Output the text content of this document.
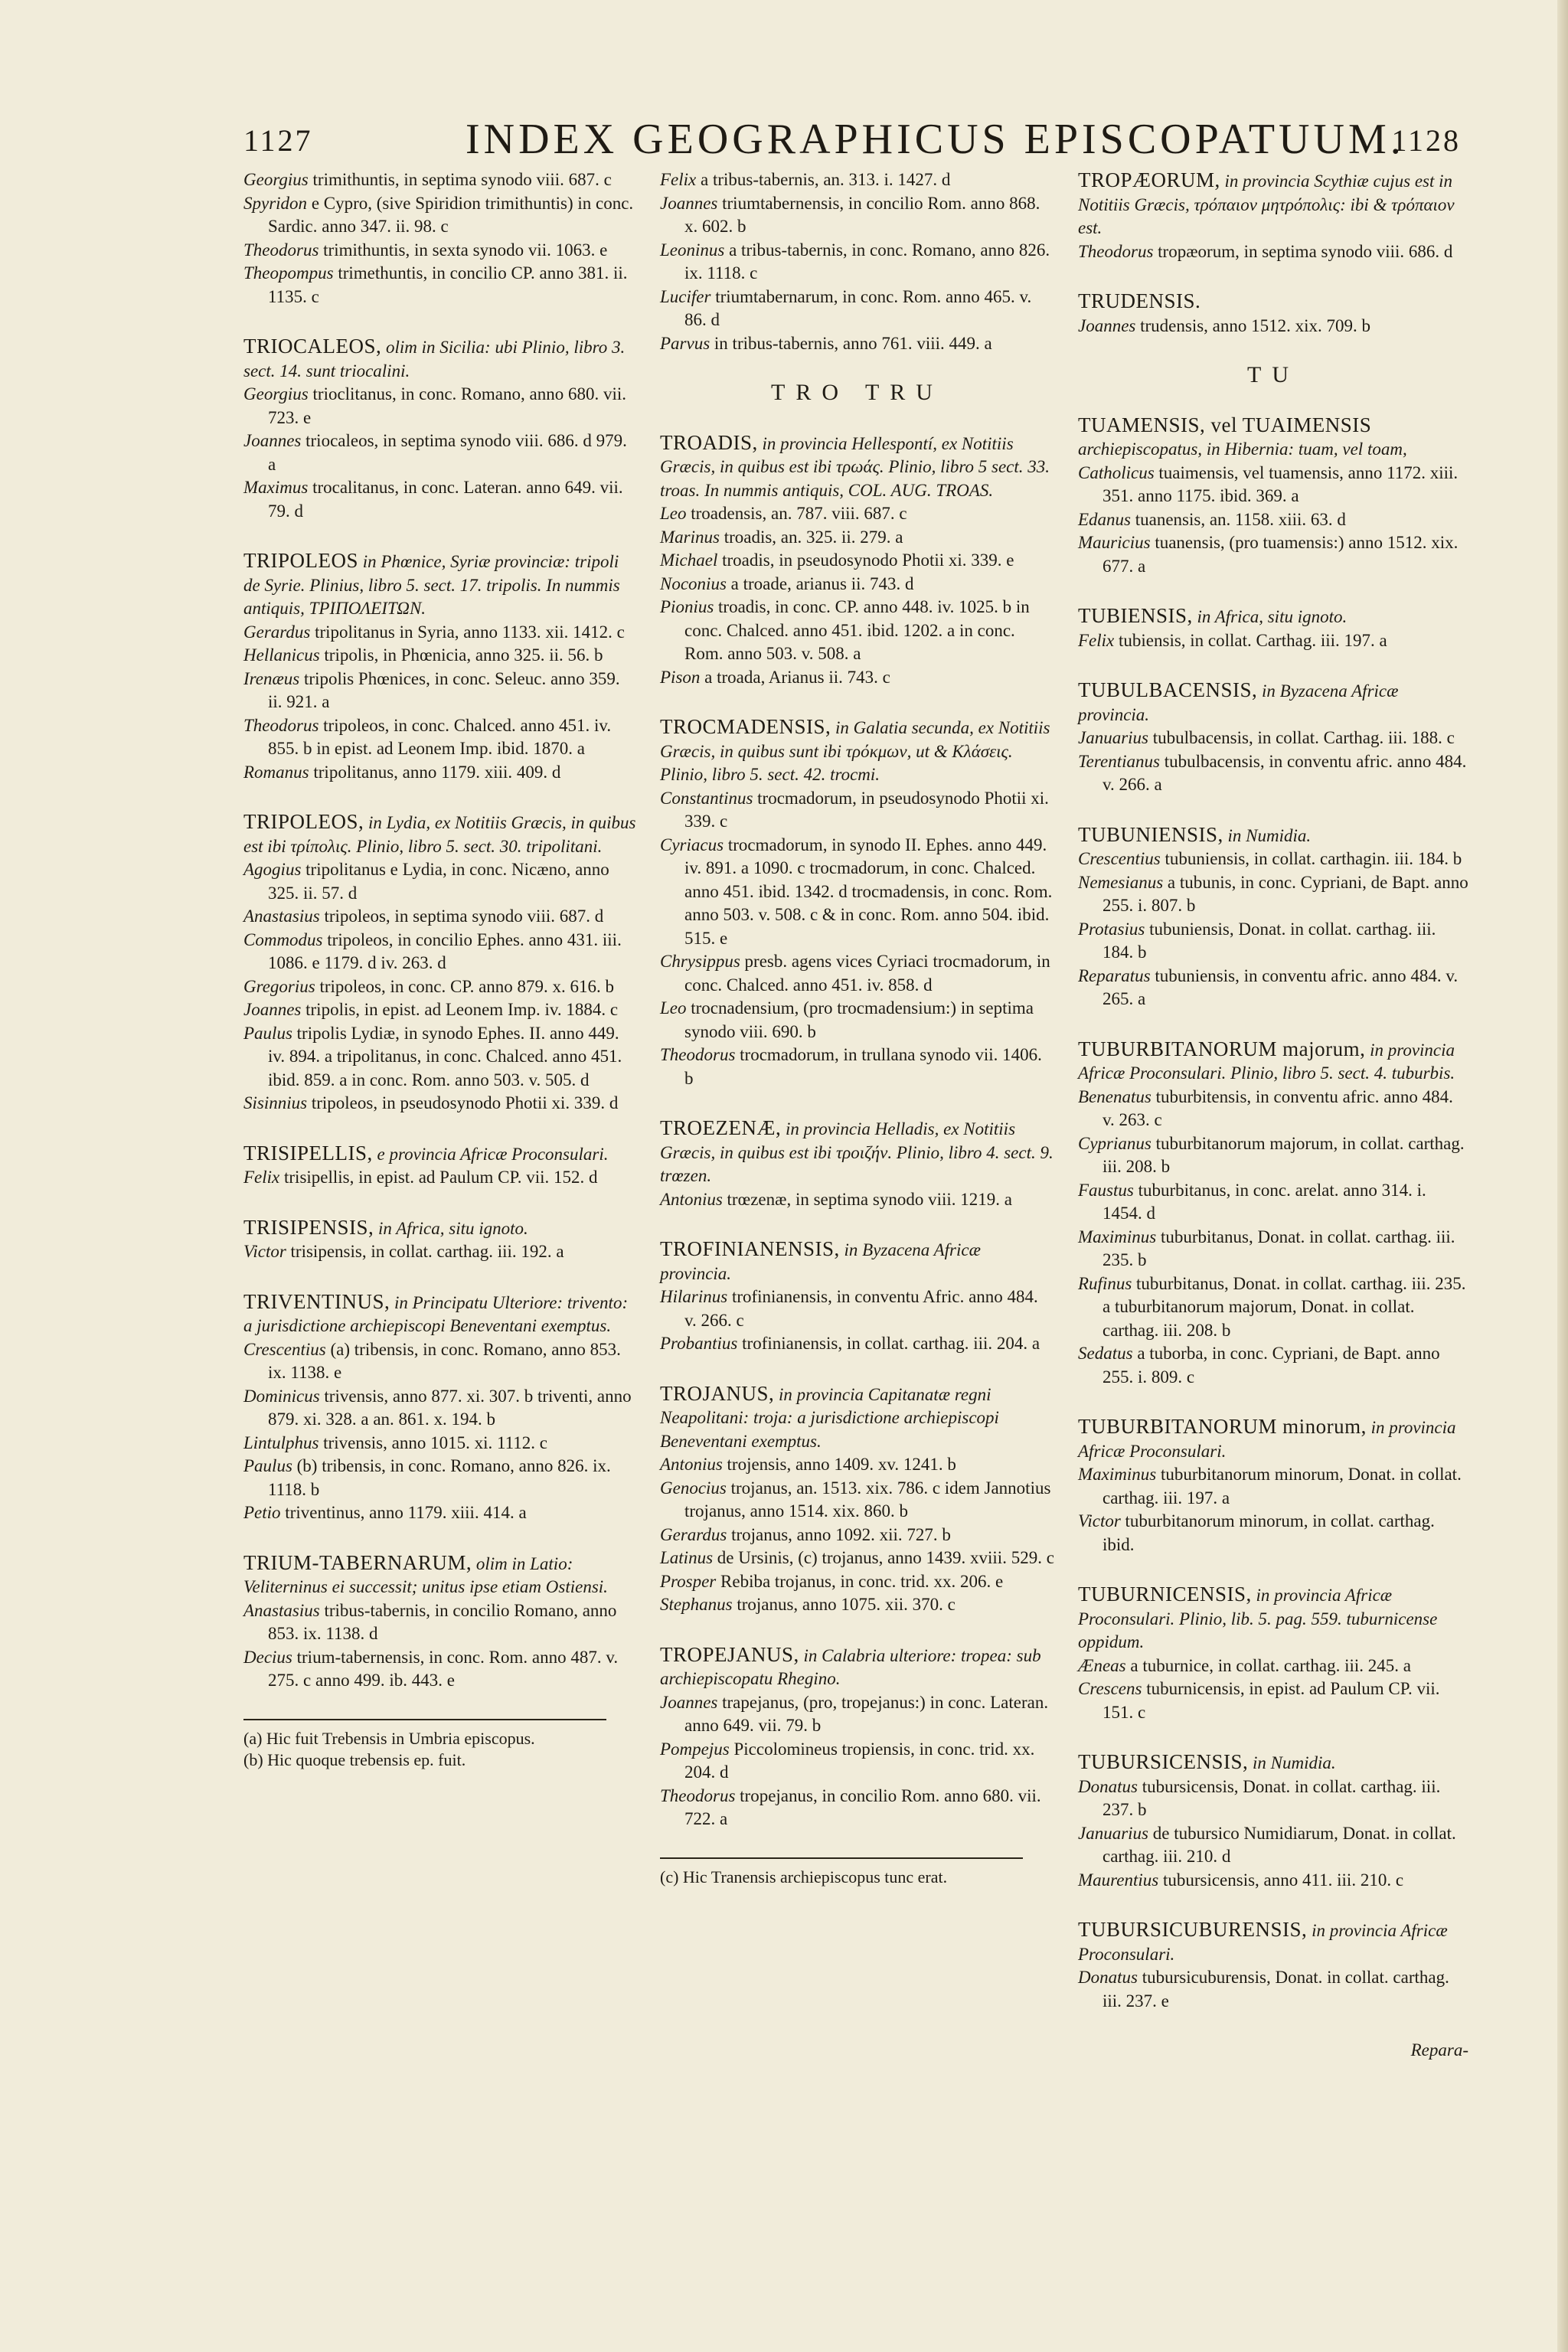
1127	INDEX GEOGRAPHICUS EPISCOPATUUM.
1128
Georgius trimithuntis, in septima synodo viii. 687. c
Spyridon e Cypro, (sive Spiridion trimithuntis) in conc. Sardic. anno 347. ii. 98. c
Theodorus trimithuntis, in sexta synodo vii. 1063. e
Theopompus trimethuntis, in concilio CP. anno 381. ii. 1135. c
TRIOCALEOS, olim in Sicilia: ubi Plinio, libro 3. sect. 14. sunt triocalini.
Georgius trioclitanus, in conc. Romano, anno 680. vii. 723. e
Joannes triocaleos, in septima synodo viii. 686. d 979. a
Maximus trocalitanus, in conc. Lateran. anno 649. vii. 79. d
TRIPOLEOS in Phœnice, Syriæ provinciæ: tripoli de Syrie. Plinius, libro 5. sect. 17. tripolis. In nummis antiquis, ΤΡΙΠΟΛΕΙΤΩΝ.
Gerardus tripolitanus in Syria, anno 1133. xii. 1412. c
Hellanicus tripolis, in Phœnicia, anno 325. ii. 56. b
Irenæus tripolis Phœnices, in conc. Seleuc. anno 359. ii. 921. a
Theodorus tripoleos, in conc. Chalced. anno 451. iv. 855. b in epist. ad Leonem Imp. ibid. 1870. a
Romanus tripolitanus, anno 1179. xiii. 409. d
TRIPOLEOS, in Lydia, ex Notitiis Græcis, in quibus est ibi τρίπολις. Plinio, libro 5. sect. 30. tripolitani.
Agogius tripolitanus e Lydia, in conc. Nicæno, anno 325. ii. 57. d
Anastasius tripoleos, in septima synodo viii. 687. d
Commodus tripoleos, in concilio Ephes. anno 431. iii. 1086. e 1179. d iv. 263. d
Gregorius tripoleos, in conc. CP. anno 879. x. 616. b
Joannes tripolis, in epist. ad Leonem Imp. iv. 1884. c
Paulus tripolis Lydiæ, in synodo Ephes. II. anno 449. iv. 894. a tripolitanus, in conc. Chalced. anno 451. ibid. 859. a in conc. Rom. anno 503. v. 505. d
Sisinnius tripoleos, in pseudosynodo Photii xi. 339. d
TRISIPELLIS, e provincia Africæ Proconsulari.
Felix trisipellis, in epist. ad Paulum CP. vii. 152. d
TRISIPENSIS, in Africa, situ ignoto.
Victor trisipensis, in collat. carthag. iii. 192. a
TRIVENTINUS, in Principatu Ulteriore: trivento: a jurisdictione archiepiscopi Beneventani exemptus.
Crescentius (a) tribensis, in conc. Romano, anno 853. ix. 1138. e
Dominicus trivensis, anno 877. xi. 307. b triventi, anno 879. xi. 328. a an. 861. x. 194. b
Lintulphus trivensis, anno 1015. xi. 1112. c
Paulus (b) tribensis, in conc. Romano, anno 826. ix. 1118. b
Petio triventinus, anno 1179. xiii. 414. a
TRIUM-TABERNARUM, olim in Latio: Veliterninus ei successit; unitus ipse etiam Ostiensi.
Anastasius tribus-tabernis, in concilio Romano, anno 853. ix. 1138. d
Decius trium-tabernensis, in conc. Rom. anno 487. v. 275. c anno 499. ib. 443. e
(a) Hic fuit Trebensis in Umbria episcopus.
(b) Hic quoque trebensis ep. fuit.
Felix a tribus-tabernis, an. 313. i. 1427. d
Joannes triumtabernensis, in concilio Rom. anno 868. x. 602. b
Leoninus a tribus-tabernis, in conc. Romano, anno 826. ix. 1118. c
Lucifer triumtabernarum, in conc. Rom. anno 465. v. 86. d
Parvus in tribus-tabernis, anno 761. viii. 449. a
TRO TRU
TROADIS, in provincia Hellespontí, ex Notitiis Græcis, in quibus est ibi τρωάς. Plinio, libro 5 sect. 33. troas. In nummis antiquis, COL. AUG. TROAS.
Leo troadensis, an. 787. viii. 687. c
Marinus troadis, an. 325. ii. 279. a
Michael troadis, in pseudosynodo Photii xi. 339. e
Noconius a troade, arianus ii. 743. d
Pionius troadis, in conc. CP. anno 448. iv. 1025. b in conc. Chalced. anno 451. ibid. 1202. a in conc. Rom. anno 503. v. 508. a
Pison a troada, Arianus ii. 743. c
TROCMADENSIS, in Galatia secunda, ex Notitiis Græcis, in quibus sunt ibi τρόκμων, ut & Κλάσεις. Plinio, libro 5. sect. 42. trocmi.
Constantinus trocmadorum, in pseudosynodo Photii xi. 339. c
Cyriacus trocmadorum, in synodo II. Ephes. anno 449. iv. 891. a 1090. c trocmadorum, in conc. Chalced. anno 451. ibid. 1342. d trocmadensis, in conc. Rom. anno 503. v. 508. c & in conc. Rom. anno 504. ibid. 515. e
Chrysippus presb. agens vices Cyriaci trocmadorum, in conc. Chalced. anno 451. iv. 858. d
Leo trocnadensium, (pro trocmadensium:) in septima synodo viii. 690. b
Theodorus trocmadorum, in trullana synodo vii. 1406. b
TROEZENÆ, in provincia Helladis, ex Notitiis Græcis, in quibus est ibi τροιζήν. Plinio, libro 4. sect. 9. trœzen.
Antonius trœzenæ, in septima synodo viii. 1219. a
TROFINIANENSIS, in Byzacena Africæ provincia.
Hilarinus trofinianensis, in conventu Afric. anno 484. v. 266. c
Probantius trofinianensis, in collat. carthag. iii. 204. a
TROJANUS, in provincia Capitanatæ regni Neapolitani: troja: a jurisdictione archiepiscopi Beneventani exemptus.
Antonius trojensis, anno 1409. xv. 1241. b
Genocius trojanus, an. 1513. xix. 786. c idem Jannotius trojanus, anno 1514. xix. 860. b
Gerardus trojanus, anno 1092. xii. 727. b
Latinus de Ursinis, (c) trojanus, anno 1439. xviii. 529. c
Prosper Rebiba trojanus, in conc. trid. xx. 206. e
Stephanus trojanus, anno 1075. xii. 370. c
TROPEJANUS, in Calabria ulteriore: tropea: sub archiepiscopatu Rhegino.
Joannes trapejanus, (pro, tropejanus:) in conc. Lateran. anno 649. vii. 79. b
Pompejus Piccolomineus tropiensis, in conc. trid. xx. 204. d
Theodorus tropejanus, in concilio Rom. anno 680. vii. 722. a
(c) Hic Tranensis archiepiscopus tunc erat.
TROPÆORUM, in provincia Scythiæ cujus est in Notitiis Græcis, τρόπαιον μητρόπολις: ibi & τρόπαιον est.
Theodorus tropæorum, in septima synodo viii. 686. d
TRUDENSIS.
Joannes trudensis, anno 1512. xix. 709. b
TU
TUAMENSIS, vel TUAIMENSIS archiepiscopatus, in Hibernia: tuam, vel toam,
Catholicus tuaimensis, vel tuamensis, anno 1172. xiii. 351. anno 1175. ibid. 369. a
Edanus tuanensis, an. 1158. xiii. 63. d
Mauricius tuanensis, (pro tuamensis:) anno 1512. xix. 677. a
TUBIENSIS, in Africa, situ ignoto.
Felix tubiensis, in collat. Carthag. iii. 197. a
TUBULBACENSIS, in Byzacena Africæ provincia.
Januarius tubulbacensis, in collat. Carthag. iii. 188. c
Terentianus tubulbacensis, in conventu afric. anno 484. v. 266. a
TUBUNIENSIS, in Numidia.
Crescentius tubuniensis, in collat. carthagin. iii. 184. b
Nemesianus a tubunis, in conc. Cypriani, de Bapt. anno 255. i. 807. b
Protasius tubuniensis, Donat. in collat. carthag. iii. 184. b
Reparatus tubuniensis, in conventu afric. anno 484. v. 265. a
TUBURBITANORUM majorum, in provincia Africæ Proconsulari. Plinio, libro 5. sect. 4. tuburbis.
Benenatus tuburbitensis, in conventu afric. anno 484. v. 263. c
Cyprianus tuburbitanorum majorum, in collat. carthag. iii. 208. b
Faustus tuburbitanus, in conc. arelat. anno 314. i. 1454. d
Maximinus tuburbitanus, Donat. in collat. carthag. iii. 235. b
Rufinus tuburbitanus, Donat. in collat. carthag. iii. 235. a tuburbitanorum majorum, Donat. in collat. carthag. iii. 208. b
Sedatus a tuborba, in conc. Cypriani, de Bapt. anno 255. i. 809. c
TUBURBITANORUM minorum, in provincia Africæ Proconsulari.
Maximinus tuburbitanorum minorum, Donat. in collat. carthag. iii. 197. a
Victor tuburbitanorum minorum, in collat. carthag. ibid.
TUBURNICENSIS, in provincia Africæ Proconsulari. Plinio, lib. 5. pag. 559. tuburnicense oppidum.
Æneas a tuburnice, in collat. carthag. iii. 245. a
Crescens tuburnicensis, in epist. ad Paulum CP. vii. 151. c
TUBURSICENSIS, in Numidia.
Donatus tubursicensis, Donat. in collat. carthag. iii. 237. b
Januarius de tubursico Numidiarum, Donat. in collat. carthag. iii. 210. d
Maurentius tubursicensis, anno 411. iii. 210. c
TUBURSICUBURENSIS, in provincia Africæ Proconsulari.
Donatus tubursicuburensis, Donat. in collat. carthag. iii. 237. e
Repara-
